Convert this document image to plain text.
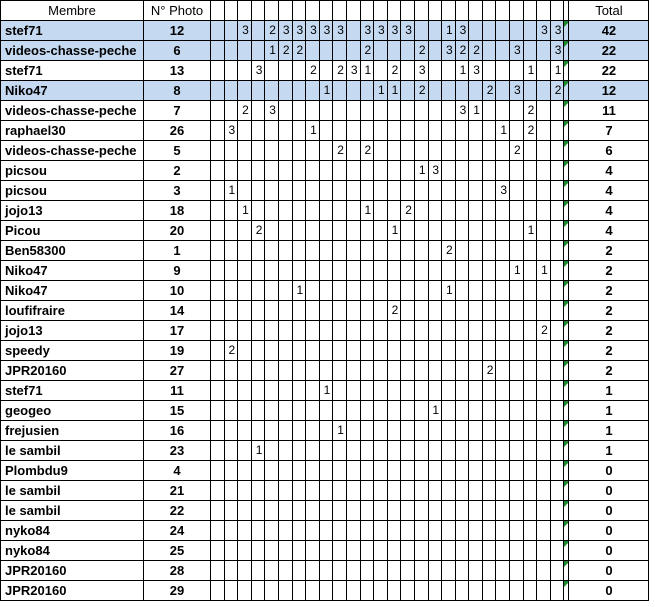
Membre	N° Photo																												Total
stef71	12			3		2	3	3	3	3	3		3	3	3	3			1	3						3	3		42
videos-chasse-peche	6					1	2	2					2				2		3	2	2			3			3		22
stef71	13				3				2		2	3	1		2		3			1	3				1		1		22
Niko47	8									1				1	1		2					2		3			2		12
videos-chasse-peche	7			2		3														3	1				2				11
raphael30	26		3						1														1		2				7
videos-chasse-peche	5										2		2											2					6
picsou	2																1	3											4
picsou	3		1																				3						4
jojo13	18			1									1			2													4
Picou	20				2										1										1				4
Ben58300	1																		2										2
Niko47	9																							1		1			2
Niko47	10							1											1										2
loufifraire	14														2														2
jojo13	17																									2			2
speedy	19		2																										2
JPR20160	27																					2							2
stef71	11									1																			1
geogeo	15																	1											1
frejusien	16										1																		1
le sambil	23				1																								1
Plombdu9	4																												0
le sambil	21																												0
le sambil	22																												0
nyko84	24																												0
nyko84	25																												0
JPR20160	28																												0
JPR20160	29																												0
